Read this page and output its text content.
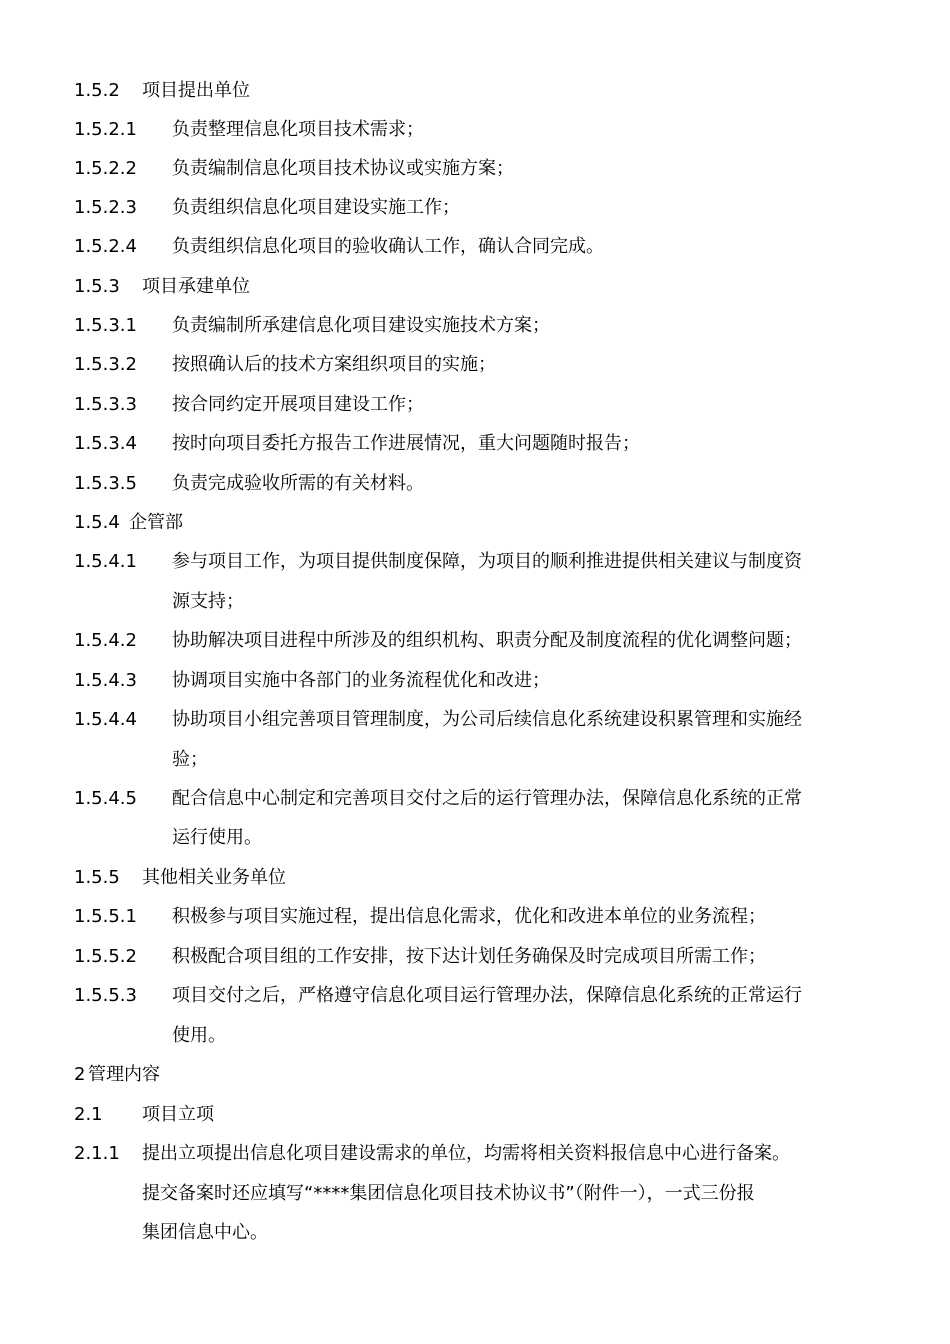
1.5.2 项目提出单位
1.5.2.1 负责整理信息化项目技术需求；
1.5.2.2 负责编制信息化项目技术协议或实施方案；
1.5.2.3 负责组织信息化项目建设实施工作；
1.5.2.4 负责组织信息化项目的验收确认工作，确认合同完成。
1.5.3 项目承建单位
1.5.3.1 负责编制所承建信息化项目建设实施技术方案；
1.5.3.2 按照确认后的技术方案组织项目的实施；
1.5.3.3 按合同约定开展项目建设工作；
1.5.3.4 按时向项目委托方报告工作进展情况，重大问题随时报告；
1.5.3.5 负责完成验收所需的有关材料。
1.5.4 企管部
1.5.4.1 参与项目工作，为项目提供制度保障，为项目的顺利推进提供相关建议与制度资
源支持；
1.5.4.2 协助解决项目进程中所涉及的组织机构、职责分配及制度流程的优化调整问题；
1.5.4.3 协调项目实施中各部门的业务流程优化和改进；
1.5.4.4 协助项目小组完善项目管理制度，为公司后续信息化系统建设积累管理和实施经
验；
1.5.4.5 配合信息中心制定和完善项目交付之后的运行管理办法，保障信息化系统的正常
运行使用。
1.5.5 其他相关业务单位
1.5.5.1 积极参与项目实施过程，提出信息化需求，优化和改进本单位的业务流程；
1.5.5.2 积极配合项目组的工作安排，按下达计划任务确保及时完成项目所需工作；
1.5.5.3 项目交付之后，严格遵守信息化项目运行管理办法，保障信息化系统的正常运行
使用。
2 管理内容
2.1 项目立项
2.1.1 提出立项提出信息化项目建设需求的单位，均需将相关资料报信息中心进行备案。
提交备案时还应填写“****集团信息化项目技术协议书”（附件一），一式三份报
集团信息中心。
